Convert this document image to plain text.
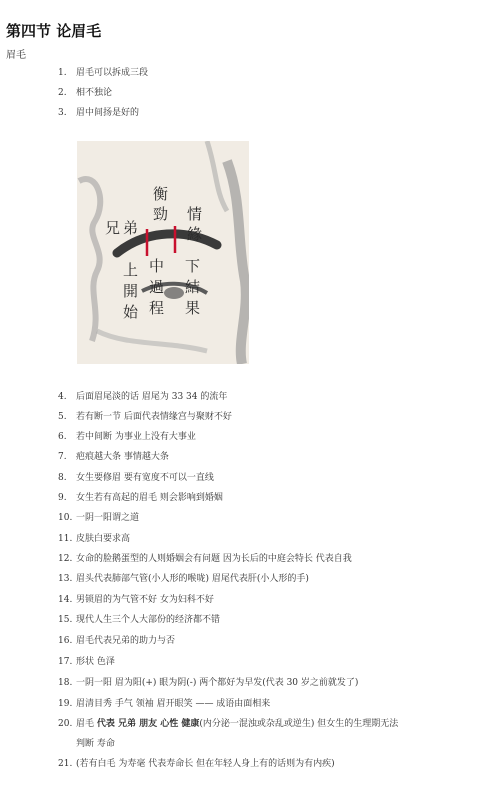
第四节 论眉毛
眉毛
1. 眉毛可以拆成三段
2. 相不独论
3. 眉中间扬是好的
衡
勁
兄 弟
情
緣
上
開
始
中
過
程
下
結
果
4. 后面眉尾淡的话 眉尾为 33 34 的流年
5. 若有断一节 后面代表情缘宫与聚财不好
6. 若中间断 为事业上没有大事业
7. 疤痕越大条 事情越大条
8. 女生要修眉 要有宽度不可以一直线
9. 女生若有高起的眉毛 则会影响到婚姻
10. 一阴一阳谓之道
11. 皮肤白要求高
12. 女命的脸鹅蛋型的人则婚姻会有问题 因为长后的中庭会特长 代表自我
13. 眉头代表肺部气管(小人形的喉咙) 眉尾代表肝(小人形的手)
14. 男锁眉的为气管不好 女为妇科不好
15. 现代人生三个人大部份的经济都不错
16. 眉毛代表兄弟的助力与否
17. 形状 色泽
18. 一阴一阳 眉为阳(+) 眼为阴(-) 两个都好为早发(代表 30 岁之前就发了)
19. 眉清目秀 手气 领袖 眉开眼笑 —— 成语由面相来
20. 眉毛 代表 兄弟 朋友 心性 健康(内分泌一混浊或杂乱或逆生) 但女生的生理期无法
判断 寿命
21. (若有白毛 为寿毫 代表寿命长 但在年轻人身上有的话则为有内疾)
